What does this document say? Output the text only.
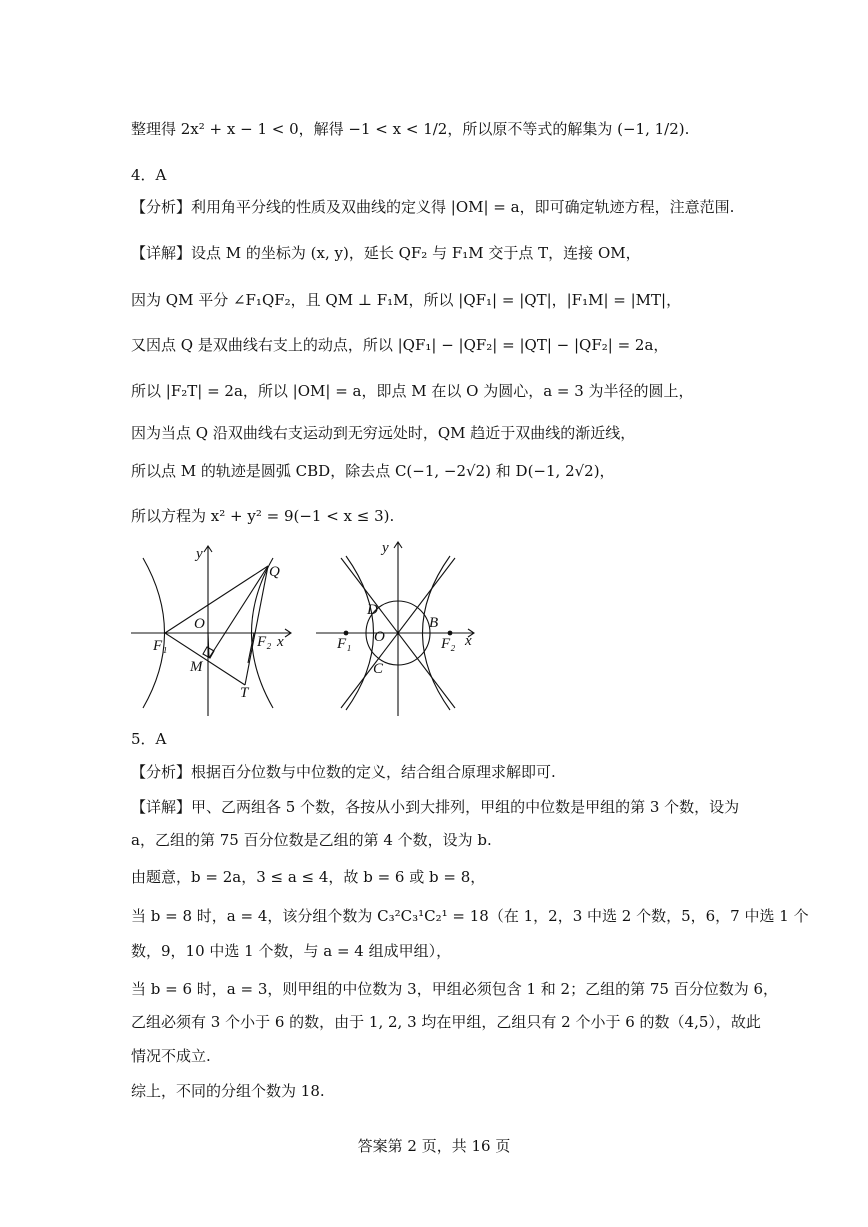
整理得 2x² + x − 1 < 0，解得 −1 < x < 1/2，所以原不等式的解集为 (−1, 1/2).
4．A
【分析】利用角平分线的性质及双曲线的定义得 |OM| = a，即可确定轨迹方程，注意范围.
【详解】设点 M 的坐标为 (x, y)，延长 QF₂ 与 F₁M 交于点 T，连接 OM，
因为 QM 平分 ∠F₁QF₂，且 QM ⊥ F₁M，所以 |QF₁| = |QT|，|F₁M| = |MT|，
又因点 Q 是双曲线右支上的动点，所以 |QF₁| − |QF₂| = |QT| − |QF₂| = 2a，
所以 |F₂T| = 2a，所以 |OM| = a，即点 M 在以 O 为圆心，a = 3 为半径的圆上，
因为当点 Q 沿双曲线右支运动到无穷远处时，QM 趋近于双曲线的渐近线，
所以点 M 的轨迹是圆弧 CBD，除去点 C(−1, −2√2) 和 D(−1, 2√2)，
所以方程为 x² + y² = 9(−1 < x ≤ 3).
y
x
O
Q
F₁	F₂
M
T
y
x
O
B
C
D
F₁	F₂
5．A
【分析】根据百分位数与中位数的定义，结合组合原理求解即可.
【详解】甲、乙两组各 5 个数，各按从小到大排列，甲组的中位数是甲组的第 3 个数，设为
a，乙组的第 75 百分位数是乙组的第 4 个数，设为 b.
由题意，b = 2a，3 ≤ a ≤ 4，故 b = 6 或 b = 8，
当 b = 8 时，a = 4，该分组个数为 C₃²C₃¹C₂¹ = 18（在 1，2，3 中选 2 个数，5，6，7 中选 1 个
数，9，10 中选 1 个数，与 a = 4 组成甲组），
当 b = 6 时，a = 3，则甲组的中位数为 3，甲组必须包含 1 和 2；乙组的第 75 百分位数为 6，
乙组必须有 3 个小于 6 的数，由于 1, 2, 3 均在甲组，乙组只有 2 个小于 6 的数（4,5），故此
情况不成立.
综上，不同的分组个数为 18.
答案第 2 页，共 16 页
